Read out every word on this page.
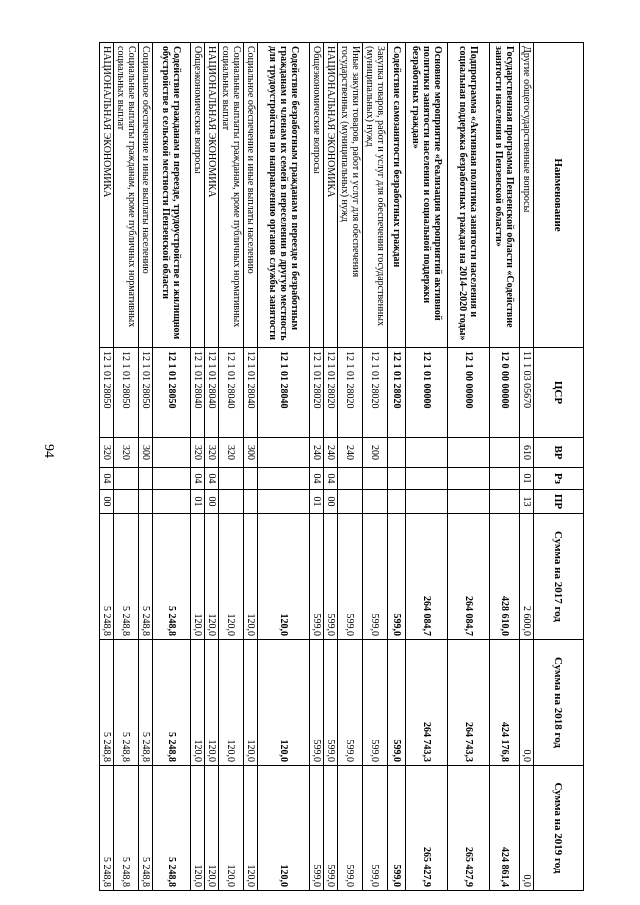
94
Наименование	ЦСР	ВР	Рз	ПР	Сумма на 2017 год	Сумма на 2018 год	Сумма на 2019 год
Другие общегосударственные вопросы	11 1 03 05670	610	01	13	2 600,0	0,0	0,0
Государственная программа Пензенской области «Содействие занятости населения в Пензенской области»	12 0 00 00000				428 610,0	424 176,8	424 861,4
Подпрограмма «Активная политика занятости населения и социальная поддержка безработных граждан на 2014–2020 годы»	12 1 00 00000				264 084,7	264 743,3	265 427,9
Основное мероприятие «Реализация мероприятий активной политики занятости населения и социальной поддержки безработных граждан»	12 1 01 00000				264 084,7	264 743,3	265 427,9
Содействие самозанятости безработных граждан	12 1 01 28020				599,0	599,0	599,0
Закупка товаров, работ и услуг для обеспечения государственных (муниципальных) нужд	12 1 01 28020	200			599,0	599,0	599,0
Иные закупки товаров, работ и услуг для обеспечения государственных (муниципальных) нужд	12 1 01 28020	240			599,0	599,0	599,0
НАЦИОНАЛЬНАЯ ЭКОНОМИКА	12 1 01 28020	240	04	00	599,0	599,0	599,0
Общеэкономические вопросы	12 1 01 28020	240	04	01	599,0	599,0	599,0
Содействие безработным гражданам в переезде и безработным гражданам и членам их семей в переселении в другую местность для трудоустройства по направлению органов службы занятости	12 1 01 28040				120,0	120,0	120,0
Социальное обеспечение и иные выплаты населению	12 1 01 28040	300			120,0	120,0	120,0
Социальные выплаты гражданам, кроме публичных нормативных социальных выплат	12 1 01 28040	320			120,0	120,0	120,0
НАЦИОНАЛЬНАЯ ЭКОНОМИКА	12 1 01 28040	320	04	00	120,0	120,0	120,0
Общеэкономические вопросы	12 1 01 28040	320	04	01	120,0	120,0	120,0
Содействие гражданам в переезде, трудоустройстве и жилищном обустройстве в сельской местности Пензенской области	12 1 01 28050				5 248,8	5 248,8	5 248,8
Социальное обеспечение и иные выплаты населению	12 1 01 28050	300			5 248,8	5 248,8	5 248,8
Социальные выплаты гражданам, кроме публичных нормативных социальных выплат	12 1 01 28050	320			5 248,8	5 248,8	5 248,8
НАЦИОНАЛЬНАЯ ЭКОНОМИКА	12 1 01 28050	320	04	00	5 248,8	5 248,8	5 248,8
